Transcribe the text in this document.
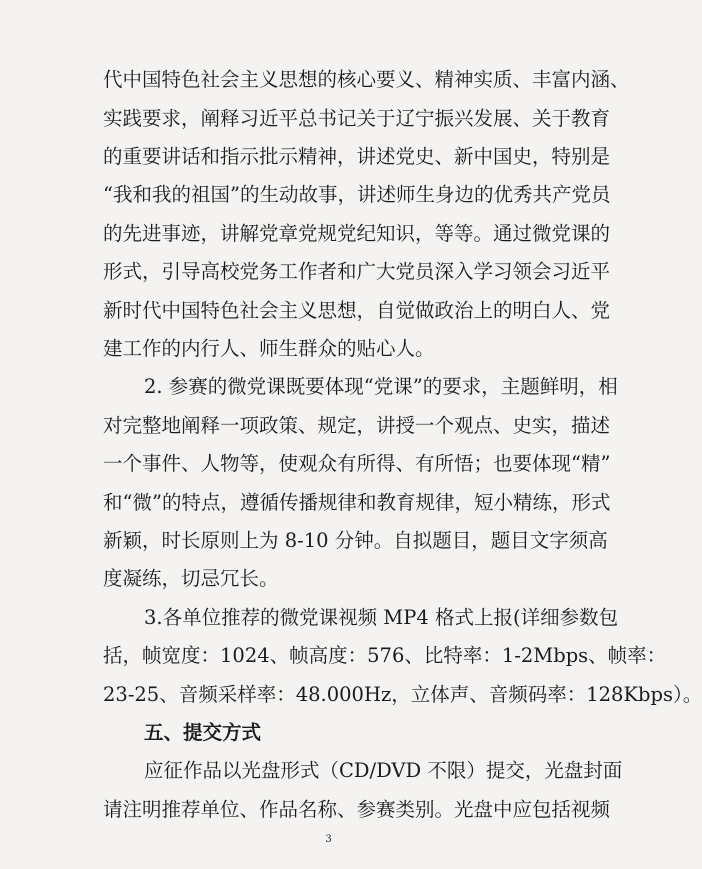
代中国特色社会主义思想的核心要义、精神实质、丰富内涵、
实践要求，阐释习近平总书记关于辽宁振兴发展、关于教育
的重要讲话和指示批示精神，讲述党史、新中国史，特别是
“我和我的祖国”的生动故事，讲述师生身边的优秀共产党员
的先进事迹，讲解党章党规党纪知识，等等。通过微党课的
形式，引导高校党务工作者和广大党员深入学习领会习近平
新时代中国特色社会主义思想，自觉做政治上的明白人、党
建工作的内行人、师生群众的贴心人。
2. 参赛的微党课既要体现“党课”的要求，主题鲜明，相
对完整地阐释一项政策、规定，讲授一个观点、史实，描述
一个事件、人物等，使观众有所得、有所悟；也要体现“精”
和“微”的特点，遵循传播规律和教育规律，短小精练，形式
新颖，时长原则上为 8-10 分钟。自拟题目，题目文字须高
度凝练，切忌冗长。
3.各单位推荐的微党课视频 MP4 格式上报(详细参数包
括，帧宽度：1024、帧高度：576、比特率：1-2Mbps、帧率：
23-25、音频采样率：48.000Hz，立体声、音频码率：128Kbps）。
五、提交方式
应征作品以光盘形式（CD/DVD 不限）提交，光盘封面
请注明推荐单位、作品名称、参赛类别。光盘中应包括视频
3
